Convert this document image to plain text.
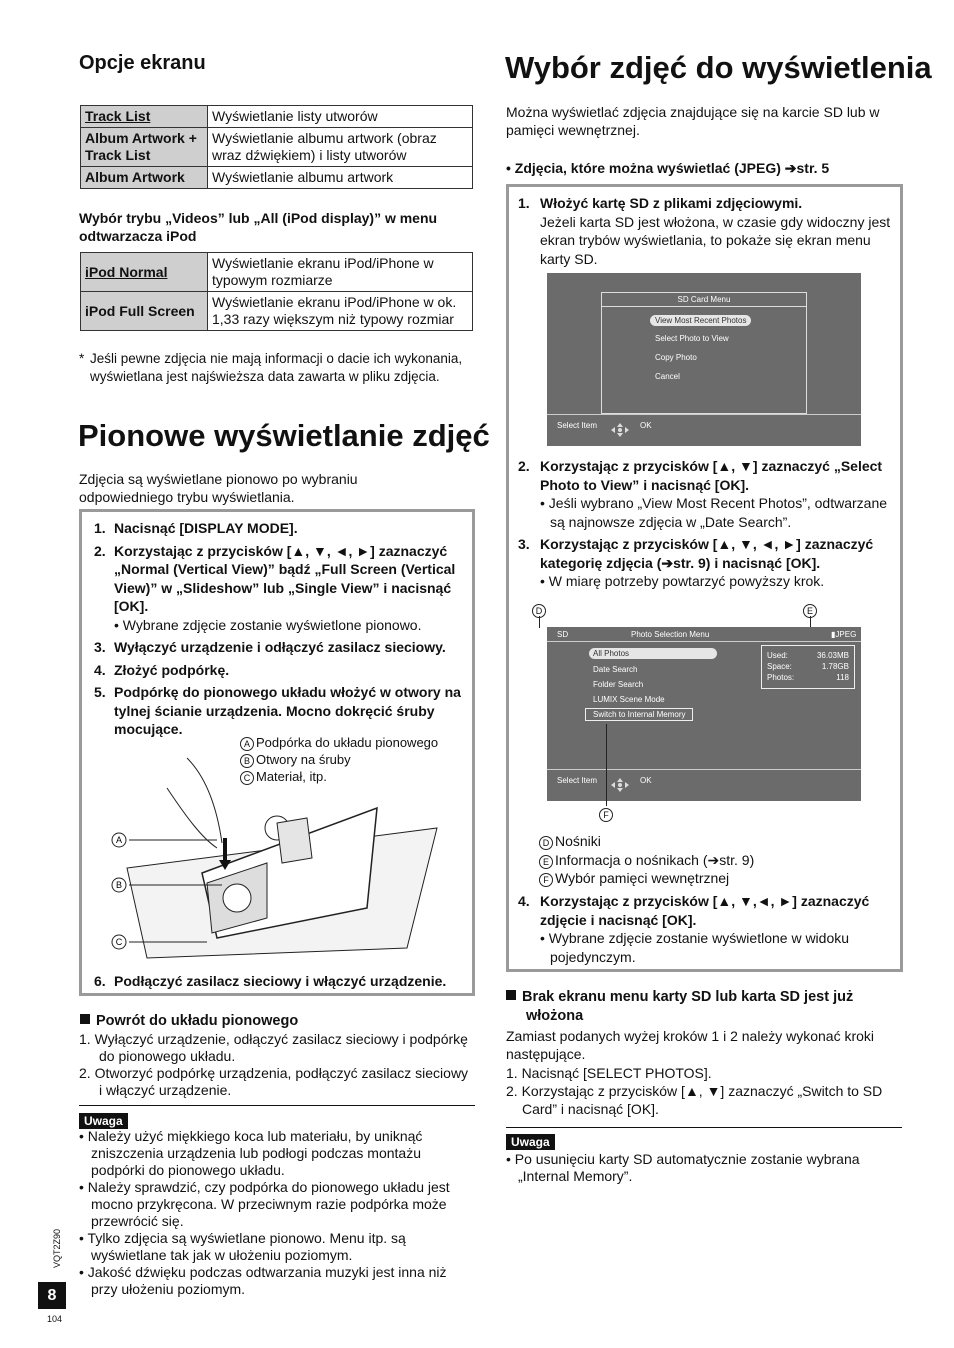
Opcje ekranu
Track List	Wyświetlanie listy utworów
Album Artwork + Track List	Wyświetlanie albumu artwork (obraz wraz dźwiękiem) i listy utworów
Album Artwork	Wyświetlanie albumu artwork
Wybór trybu „Videos” lub „All (iPod display)” w menu odtwarzacza iPod
iPod Normal	Wyświetlanie ekranu iPod/iPhone w typowym rozmiarze
iPod Full Screen	Wyświetlanie ekranu iPod/iPhone w ok. 1,33 razy większym niż typowy rozmiar
* Jeśli pewne zdjęcia nie mają informacji o dacie ich wykonania, wyświetlana jest najświeższa data zawarta w pliku zdjęcia.
Pionowe wyświetlanie zdjęć
Zdjęcia są wyświetlane pionowo po wybraniu odpowiedniego trybu wyświetlania.
1. Nacisnąć [DISPLAY MODE].
2. Korzystając z przycisków [▲, ▼, ◄, ►] zaznaczyć „Normal (Vertical View)” bądź „Full Screen (Vertical View)” w „Slideshow” lub „Single View” i nacisnąć [OK].
• Wybrane zdjęcie zostanie wyświetlone pionowo.
3. Wyłączyć urządzenie i odłączyć zasilacz sieciowy.
4. Złożyć podpórkę.
5. Podpórkę do pionowego układu włożyć w otwory na tylnej ścianie urządzenia. Mocno dokręcić śruby mocujące.
A Podpórka do układu pionowego
B Otwory na śruby
C Materiał, itp.
A
B
C
6. Podłączyć zasilacz sieciowy i włączyć urządzenie.
Powrót do układu pionowego
1. Wyłączyć urządzenie, odłączyć zasilacz sieciowy i podpórkę do pionowego układu.
2. Otworzyć podpórkę urządzenia, podłączyć zasilacz sieciowy i włączyć urządzenie.
Uwaga
• Należy użyć miękkiego koca lub materiału, by uniknąć zniszczenia urządzenia lub podłogi podczas montażu podpórki do pionowego układu.
• Należy sprawdzić, czy podpórka do pionowego układu jest mocno przykręcona. W przeciwnym razie podpórka może przewrócić się.
• Tylko zdjęcia są wyświetlane pionowo. Menu itp. są wyświetlane tak jak w ułożeniu poziomym.
• Jakość dźwięku podczas odtwarzania muzyki jest inna niż przy ułożeniu poziomym.
VQT2Z90
8
104
Wybór zdjęć do wyświetlenia
Można wyświetlać zdjęcia znajdujące się na karcie SD lub w pamięci wewnętrznej.
• Zdjęcia, które można wyświetlać (JPEG) ➔str. 5
1. Włożyć kartę SD z plikami zdjęciowymi.
Jeżeli karta SD jest włożona, w czasie gdy widoczny jest ekran trybów wyświetlania, to pokaże się ekran menu karty SD.
SD Card Menu
View Most Recent Photos
Select Photo to View
Copy Photo
Cancel
Select Item	OK
2. Korzystając z przycisków [▲, ▼] zaznaczyć „Select Photo to View” i nacisnąć [OK].
• Jeśli wybrano „View Most Recent Photos”, odtwarzane są najnowsze zdjęcia w „Date Search”.
3. Korzystając z przycisków [▲, ▼, ◄, ►] zaznaczyć kategorię zdjęcia (➔str. 9) i nacisnąć [OK].
• W miarę potrzeby powtarzyć powyższy krok.
D	E
SD	Photo Selection Menu	▮JPEG
All Photos
Date Search
Folder Search
LUMIX Scene Mode
Switch to Internal Memory
Used:	36.03MB
Space:	1.78GB
Photos:	118
Select Item	OK
F
D Nośniki
E Informacja o nośnikach (➔str. 9)
F Wybór pamięci wewnętrznej
4. Korzystając z przycisków [▲, ▼,◄, ►] zaznaczyć zdjęcie i nacisnąć [OK].
• Wybrane zdjęcie zostanie wyświetlone w widoku pojedynczym.
Brak ekranu menu karty SD lub karta SD jest już włożona
Zamiast podanych wyżej kroków 1 i 2 należy wykonać kroki następujące.
1. Nacisnąć [SELECT PHOTOS].
2. Korzystając z przycisków [▲, ▼] zaznaczyć „Switch to SD Card” i nacisnąć [OK].
Uwaga
• Po usunięciu karty SD automatycznie zostanie wybrana „Internal Memory”.
